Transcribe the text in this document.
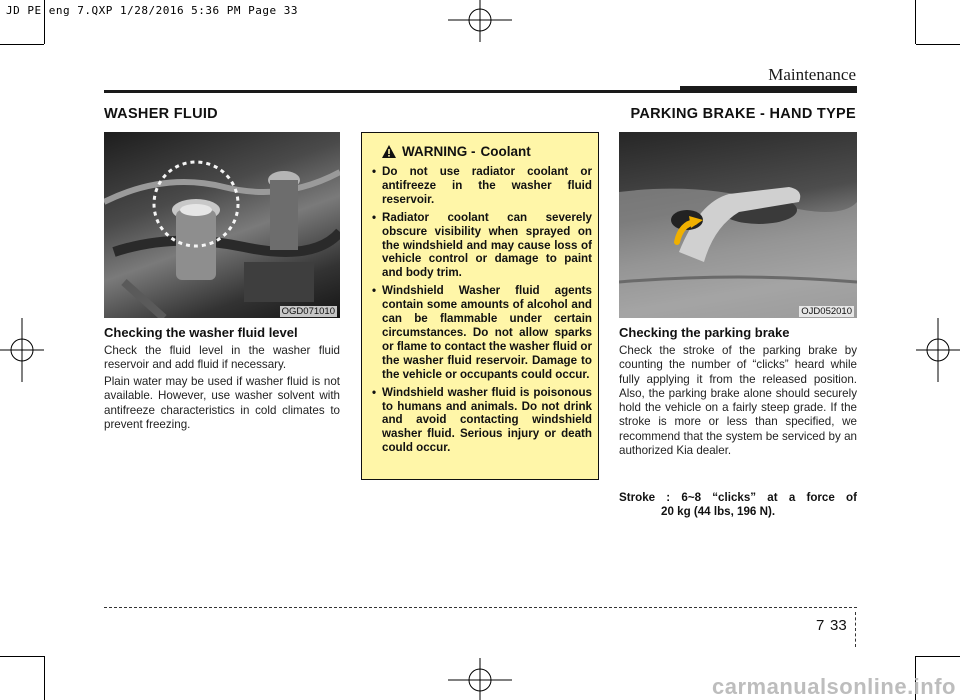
JD PE eng 7.QXP 1/28/2016 5:36 PM Page 33
Maintenance
WASHER FLUID
OGD071010
Checking the washer fluid level

Check the fluid level in the washer fluid reservoir and add fluid if necessary.

Plain water may be used if washer fluid is not available. However, use washer solvent with antifreeze characteristics in cold climates to prevent freezing.

WARNING - Coolant
• Do not use radiator coolant or antifreeze in the washer fluid reservoir.
• Radiator coolant can severely obscure visibility when sprayed on the windshield and may cause loss of vehicle control or damage to paint and body trim.
• Windshield Washer fluid agents contain some amounts of alcohol and can be flammable under certain circumstances. Do not allow sparks or flame to contact the washer fluid or the washer fluid reservoir. Damage to the vehicle or occupants could occur.
• Windshield washer fluid is poisonous to humans and animals. Do not drink and avoid contacting windshield washer fluid. Serious injury or death could occur.
PARKING BRAKE - HAND TYPE
OJD052010
Checking the parking brake

Check the stroke of the parking brake by counting the number of “clicks” heard while fully applying it from the released position. Also, the parking brake alone should securely hold the vehicle on a fairly steep grade. If the stroke is more or less than specified, we recommend that the system be serviced by an authorized Kia dealer.

Stroke : 6~8 “clicks” at a force of
20 kg (44 lbs, 196 N).
7 33
carmanualsonline.info
